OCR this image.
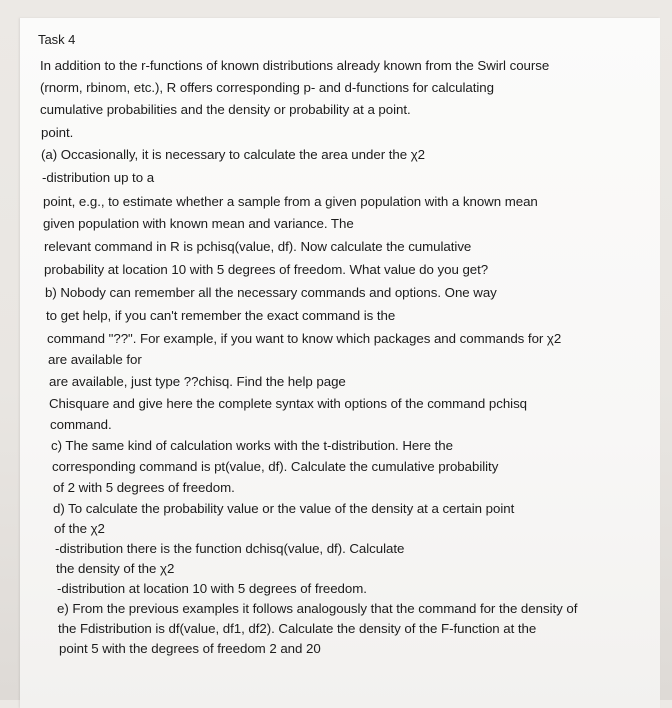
Task 4

In addition to the r-functions of known distributions already known from the Swirl course

(rnorm, rbinom, etc.), R offers corresponding p- and d-functions for calculating

cumulative probabilities and the density or probability at a point.

point.

(a) Occasionally, it is necessary to calculate the area under the χ2

-distribution up to a

point, e.g., to estimate whether a sample from a given population with a known mean

given population with known mean and variance. The

relevant command in R is pchisq(value, df). Now calculate the cumulative

probability at location 10 with 5 degrees of freedom. What value do you get?

b) Nobody can remember all the necessary commands and options. One way

to get help, if you can't remember the exact command is the

command "??". For example, if you want to know which packages and commands for χ2

are available for

are available, just type ??chisq. Find the help page

Chisquare and give here the complete syntax with options of the command pchisq

command.

c) The same kind of calculation works with the t-distribution. Here the

corresponding command is pt(value, df). Calculate the cumulative probability

of 2 with 5 degrees of freedom.

d) To calculate the probability value or the value of the density at a certain point

of the χ2

-distribution there is the function dchisq(value, df). Calculate

the density of the χ2

-distribution at location 10 with 5 degrees of freedom.

e) From the previous examples it follows analogously that the command for the density of

the Fdistribution is df(value, df1, df2). Calculate the density of the F-function at the

point 5 with the degrees of freedom 2 and 20
